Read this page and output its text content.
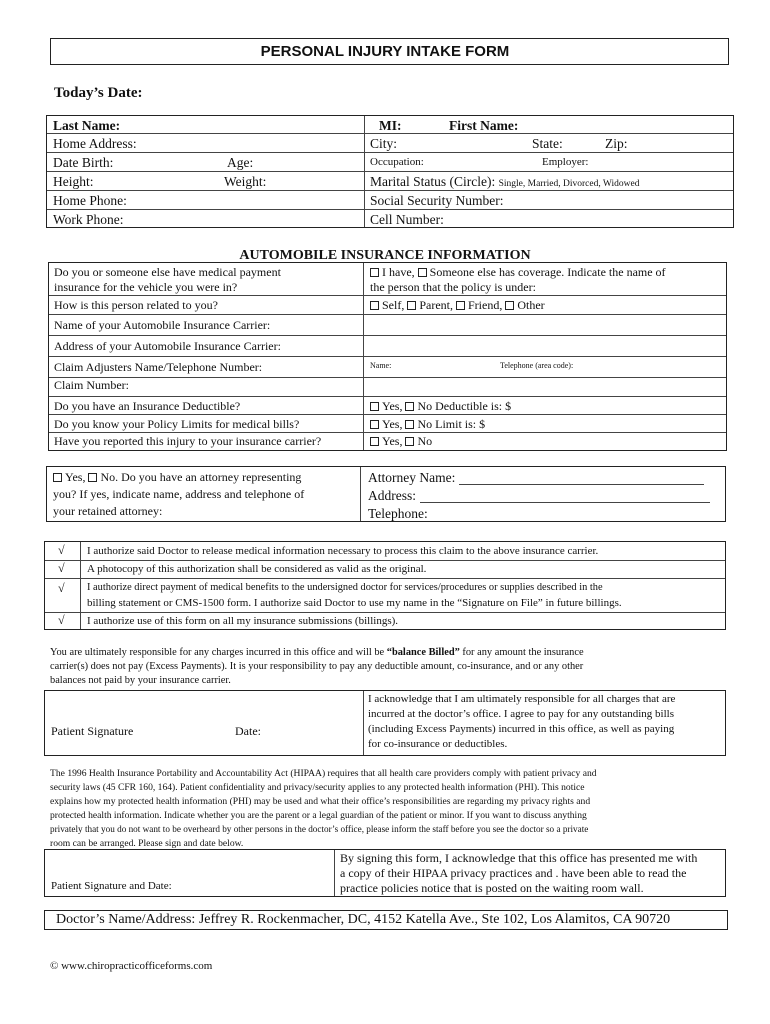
PERSONAL INJURY INTAKE FORM
Today’s Date:
Last Name:	MI:	First Name:
Home Address:	City:	State:	Zip:
Date Birth:	Age:	Occupation:	Employer:
Height:	Weight:	Marital Status (Circle): Single, Married, Divorced, Widowed
Home Phone:	Social Security Number:
Work Phone:	Cell Number:
AUTOMOBILE INSURANCE INFORMATION
Do you or someone else have medical payment
insurance for the vehicle you were in?
I have, Someone else has coverage. Indicate the name of
the person that the policy is under:
How is this person related to you?	Self, Parent, Friend, Other
Name of your Automobile Insurance Carrier:
Address of your Automobile Insurance Carrier:
Claim Adjusters Name/Telephone Number:	Name:	Telephone (area code):
Claim Number:
Do you have an Insurance Deductible?	Yes, No Deductible is: $
Do you know your Policy Limits for medical bills?	Yes, No Limit is: $
Have you reported this injury to your insurance carrier?	Yes, No
Yes, No. Do you have an attorney representing
you? If yes, indicate name, address and telephone of
your retained attorney:
Attorney Name:
Address:
Telephone:
√ I authorize said Doctor to release medical information necessary to process this claim to the above insurance carrier.
√ A photocopy of this authorization shall be considered as valid as the original.
√ I authorize direct payment of medical benefits to the undersigned doctor for services/procedures or supplies described in the
billing statement or CMS-1500 form. I authorize said Doctor to use my name in the “Signature on File” in future billings.
√ I authorize use of this form on all my insurance submissions (billings).
You are ultimately responsible for any charges incurred in this office and will be “balance Billed” for any amount the insurance
carrier(s) does not pay (Excess Payments). It is your responsibility to pay any deductible amount, co-insurance, and or any other
balances not paid by your insurance carrier.
Patient Signature	Date:
I acknowledge that I am ultimately responsible for all charges that are
incurred at the doctor’s office. I agree to pay for any outstanding bills
(including Excess Payments) incurred in this office, as well as paying
for co-insurance or deductibles.
The 1996 Health Insurance Portability and Accountability Act (HIPAA) requires that all health care providers comply with patient privacy and
security laws (45 CFR 160, 164). Patient confidentiality and privacy/security applies to any protected health information (PHI). This notice
explains how my protected health information (PHI) may be used and what their office’s responsibilities are regarding my privacy rights and
protected health information. Indicate whether you are the parent or a legal guardian of the patient or minor. If you want to discuss anything
privately that you do not want to be overheard by other persons in the doctor’s office, please inform the staff before you see the doctor so a private
room can be arranged. Please sign and date below.
Patient Signature and Date:
By signing this form, I acknowledge that this office has presented me with
a copy of their HIPAA privacy practices and . have been able to read the
practice policies notice that is posted on the waiting room wall.
Doctor’s Name/Address: Jeffrey R. Rockenmacher, DC, 4152 Katella Ave., Ste 102, Los Alamitos, CA 90720
© www.chiropracticofficeforms.com
